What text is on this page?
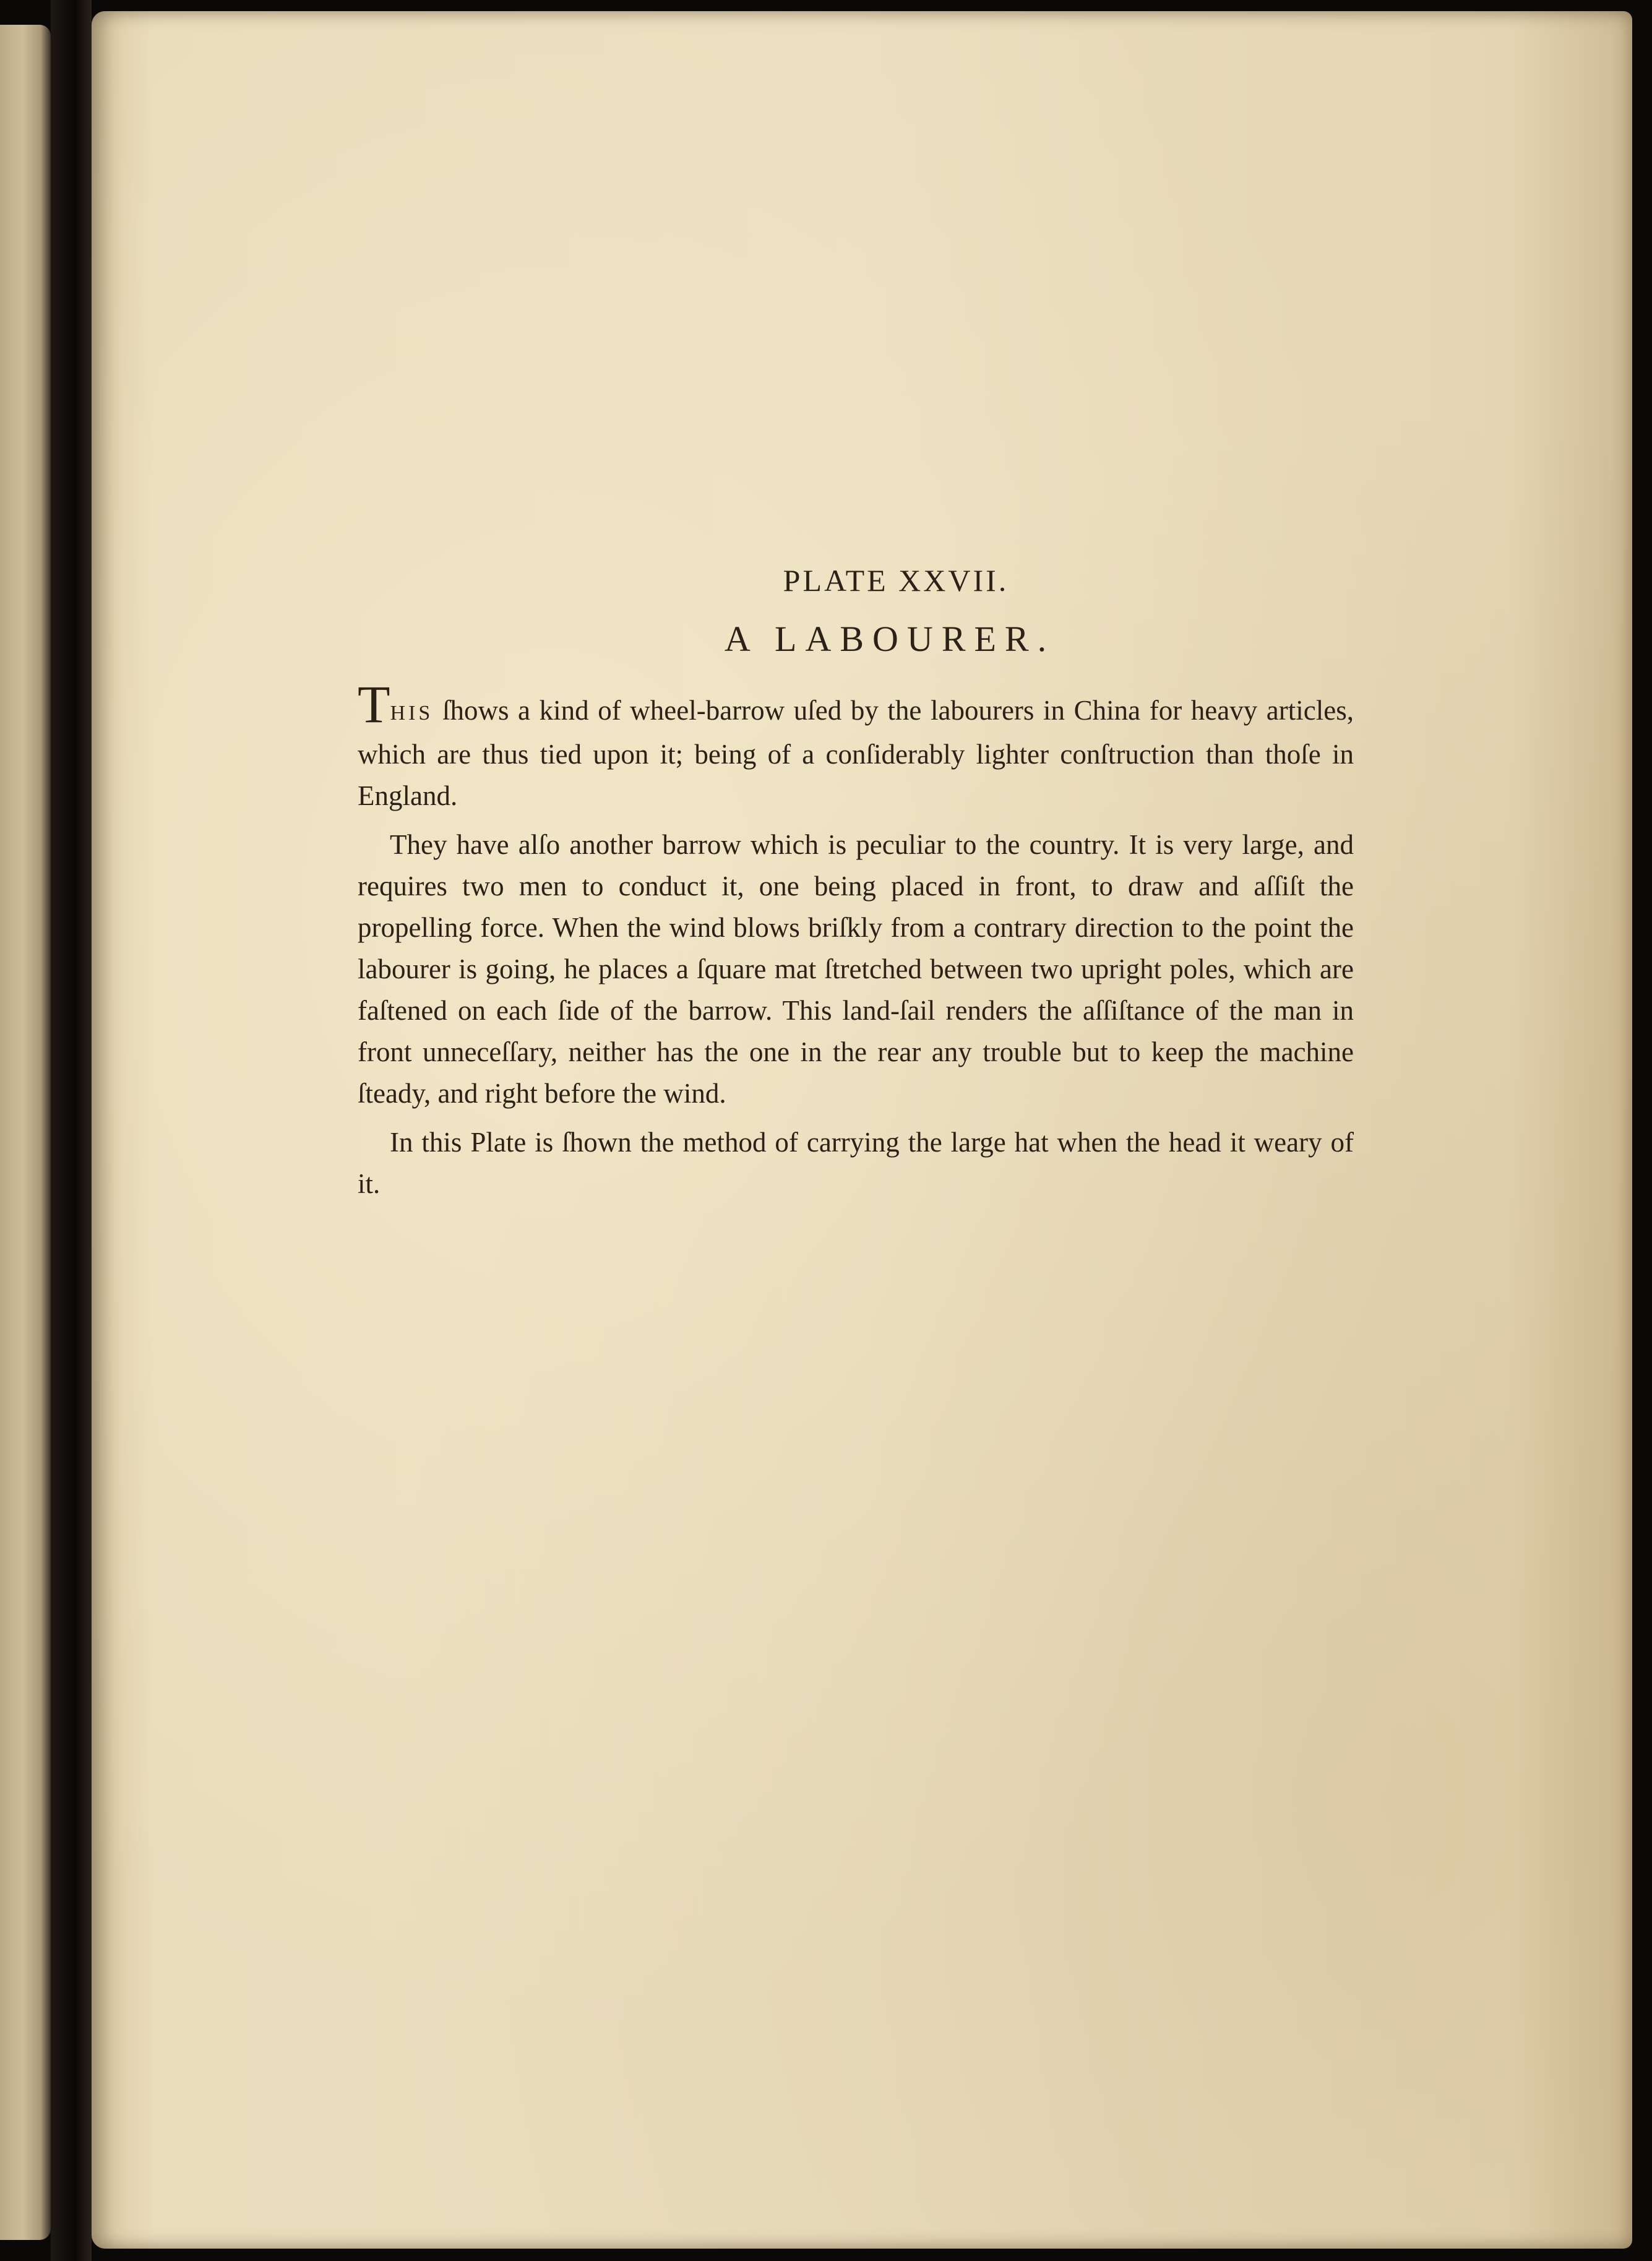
PLATE XXVII.

A LABOURER.

THIS ſhows a kind of wheel-barrow uſed by the labourers in China for heavy articles, which are thus tied upon it; being of a conſiderably lighter conſtruction than thoſe in England.

They have alſo another barrow which is peculiar to the country. It is very large, and requires two men to conduct it, one being placed in front, to draw and aſſiſt the propelling force. When the wind blows briſkly from a contrary direction to the point the labourer is going, he places a ſquare mat ſtretched between two upright poles, which are faſtened on each ſide of the barrow. This land-ſail renders the aſſiſtance of the man in front unneceſſary, neither has the one in the rear any trouble but to keep the machine ſteady, and right before the wind.

In this Plate is ſhown the method of carrying the large hat when the head it weary of it.
